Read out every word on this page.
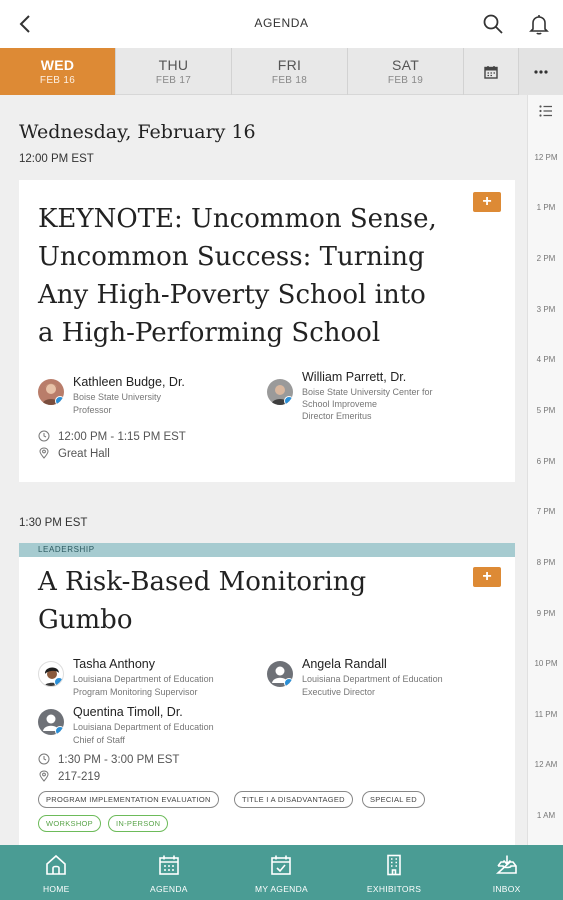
AGENDA
WED
FEB 16
THU
FEB 17
FRI
FEB 18
SAT
FEB 19
Wednesday, February 16
12:00 PM EST
+
KEYNOTE: Uncommon Sense,
Uncommon Success: Turning
Any High-Poverty School into
a High-Performing School
Kathleen Budge, Dr.
Boise State University
Professor
William Parrett, Dr.
Boise State University Center for
School Improveme
Director Emeritus
12:00 PM - 1:15 PM EST
Great Hall
1:30 PM EST
LEADERSHIP
+
A Risk-Based Monitoring
Gumbo
Tasha Anthony
Louisiana Department of Education
Program Monitoring Supervisor
Angela Randall
Louisiana Department of Education
Executive Director
Quentina Timoll, Dr.
Louisiana Department of Education
Chief of Staff
1:30 PM - 3:00 PM EST
217-219
PROGRAM IMPLEMENTATION EVALUATION	TITLE I A DISADVANTAGED	SPECIAL ED
WORKSHOP	IN-PERSON
12 PM
1 PM
2 PM
3 PM
4 PM
5 PM
6 PM
7 PM
8 PM
9 PM
10 PM
11 PM
12 AM
1 AM
HOME	AGENDA	MY AGENDA	EXHIBITORS	INBOX
